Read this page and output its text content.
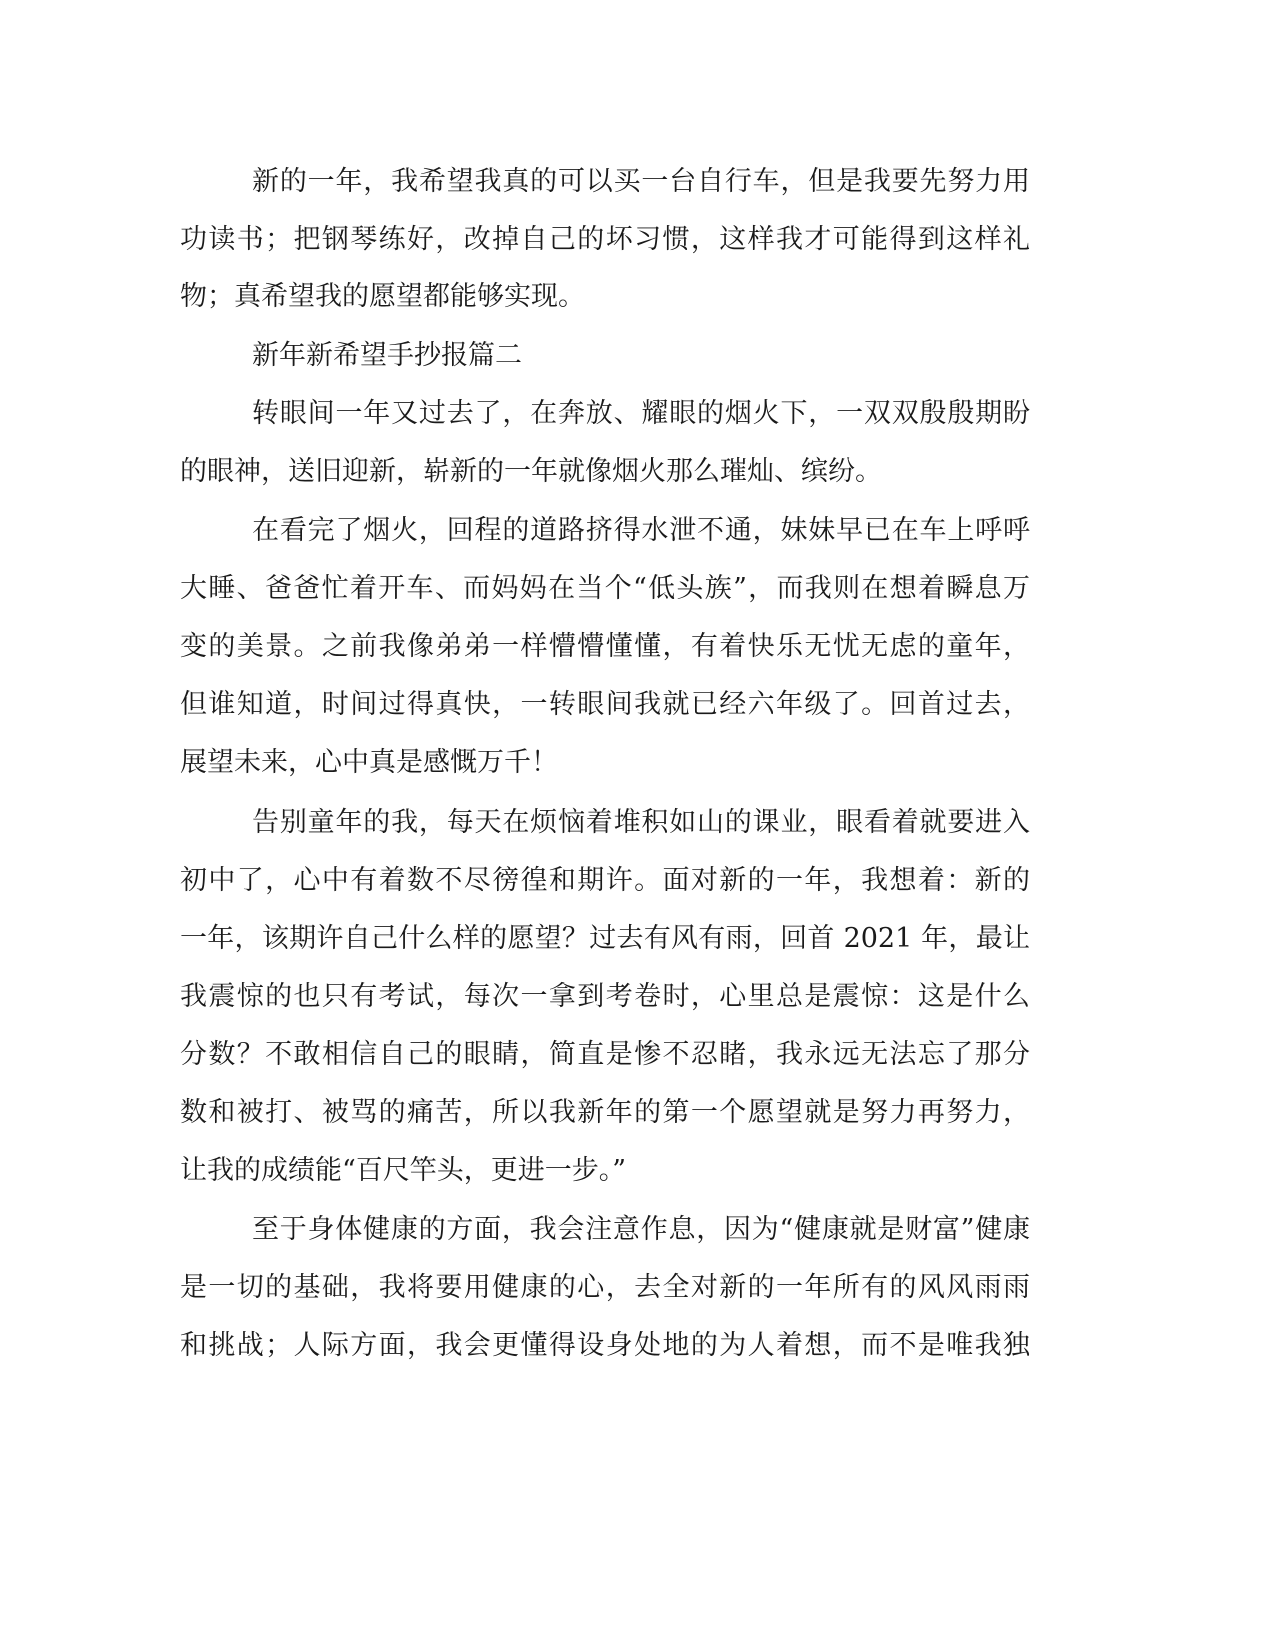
新的一年，我希望我真的可以买一台自行车，但是我要先努力用
功读书；把钢琴练好，改掉自己的坏习惯，这样我才可能得到这样礼
物；真希望我的愿望都能够实现。
新年新希望手抄报篇二
转眼间一年又过去了，在奔放、耀眼的烟火下，一双双殷殷期盼
的眼神，送旧迎新，崭新的一年就像烟火那么璀灿、缤纷。
在看完了烟火，回程的道路挤得水泄不通，妹妹早已在车上呼呼
大睡、爸爸忙着开车、而妈妈在当个“低头族”，而我则在想着瞬息万
变的美景。之前我像弟弟一样懵懵懂懂，有着快乐无忧无虑的童年，
但谁知道，时间过得真快，一转眼间我就已经六年级了。回首过去，
展望未来，心中真是感慨万千！
告别童年的我，每天在烦恼着堆积如山的课业，眼看着就要进入
初中了，心中有着数不尽徬徨和期许。面对新的一年，我想着：新的
一年，该期许自己什么样的愿望？过去有风有雨，回首 2021 年，最让
我震惊的也只有考试，每次一拿到考卷时，心里总是震惊：这是什么
分数？不敢相信自己的眼睛，简直是惨不忍睹，我永远无法忘了那分
数和被打、被骂的痛苦，所以我新年的第一个愿望就是努力再努力，
让我的成绩能“百尺竿头，更进一步。”
至于身体健康的方面，我会注意作息，因为“健康就是财富”健康
是一切的基础，我将要用健康的心，去全对新的一年所有的风风雨雨
和挑战；人际方面，我会更懂得设身处地的为人着想，而不是唯我独
